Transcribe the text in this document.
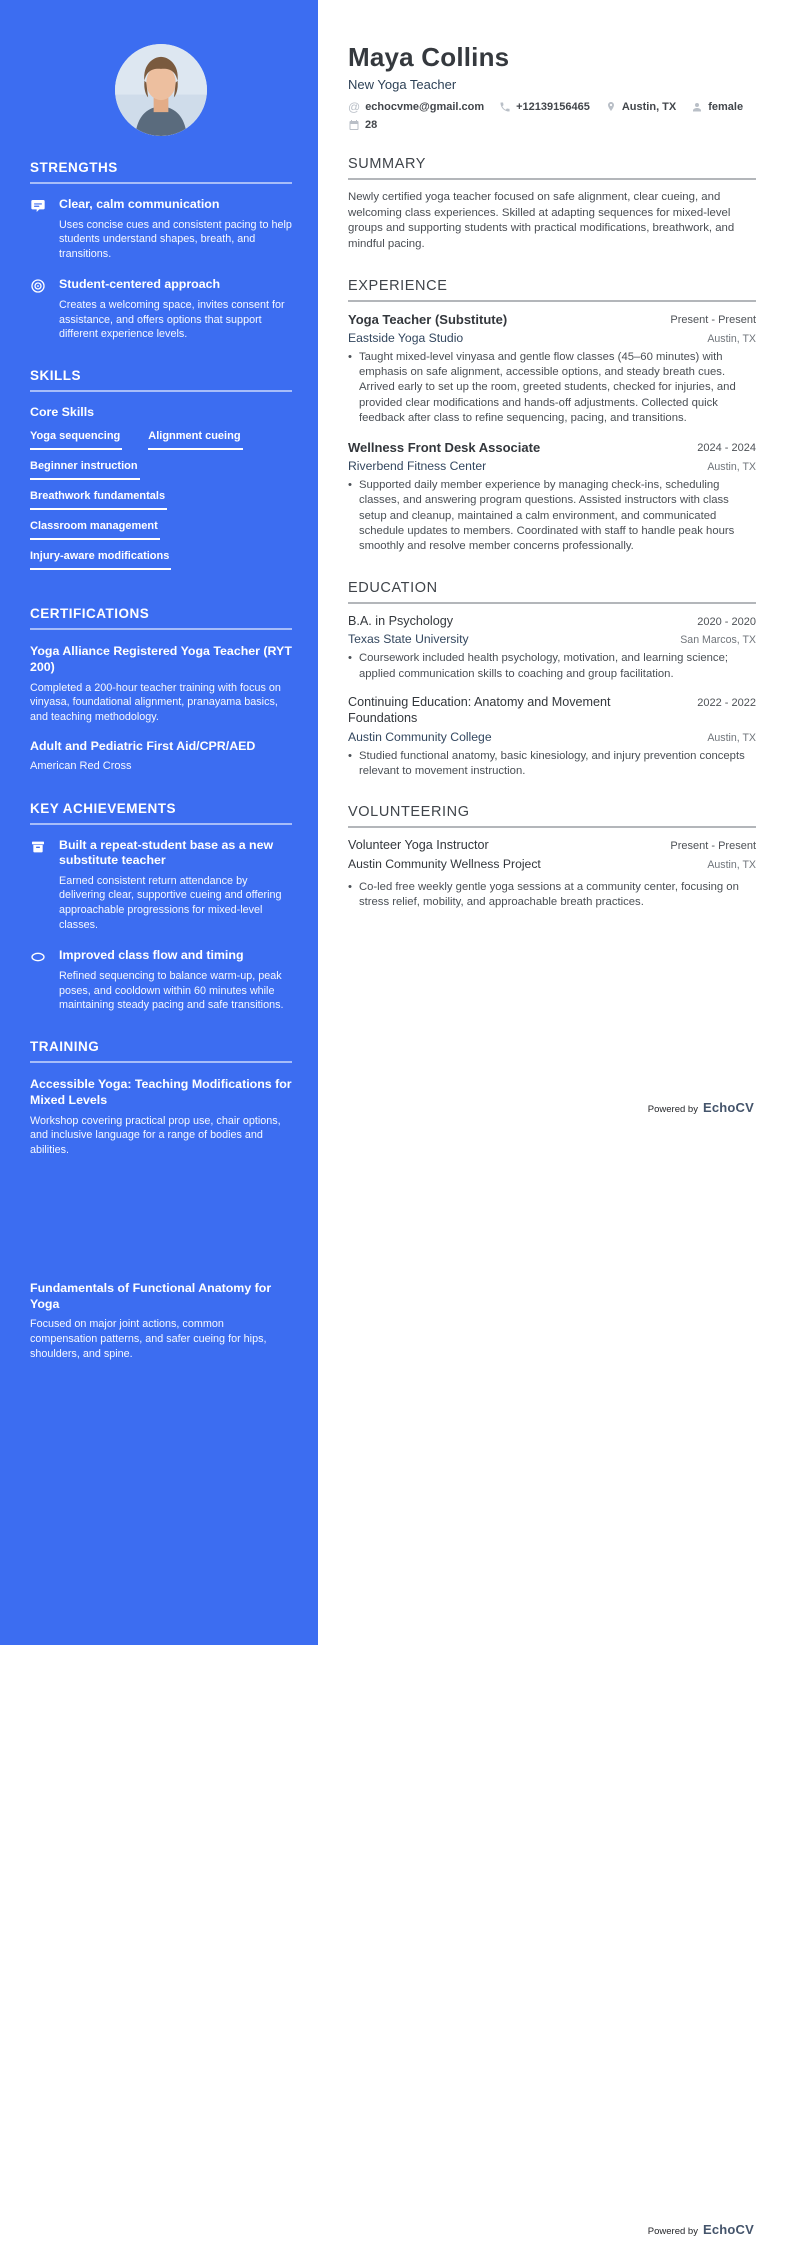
STRENGTHS
Clear, calm communication
Uses concise cues and consistent pacing to help students understand shapes, breath, and transitions.
Student-centered approach
Creates a welcoming space, invites consent for assistance, and offers options that support different experience levels.
SKILLS
Core Skills
Yoga sequencing	Alignment cueing
Beginner instruction
Breathwork fundamentals
Classroom management
Injury-aware modifications
CERTIFICATIONS
Yoga Alliance Registered Yoga Teacher (RYT 200)
Completed a 200-hour teacher training with focus on vinyasa, foundational alignment, pranayama basics, and teaching methodology.
Adult and Pediatric First Aid/CPR/AED
American Red Cross
KEY ACHIEVEMENTS
Built a repeat-student base as a new substitute teacher
Earned consistent return attendance by delivering clear, supportive cueing and offering approachable progressions for mixed-level classes.
Improved class flow and timing
Refined sequencing to balance warm-up, peak poses, and cooldown within 60 minutes while maintaining steady pacing and safe transitions.
TRAINING
Accessible Yoga: Teaching Modifications for Mixed Levels
Workshop covering practical prop use, chair options, and inclusive language for a range of bodies and abilities.
Fundamentals of Functional Anatomy for Yoga
Focused on major joint actions, common compensation patterns, and safer cueing for hips, shoulders, and spine.
Maya Collins
New Yoga Teacher
@ echocvme@gmail.com	+12139156465	Austin, TX	female
28
SUMMARY

Newly certified yoga teacher focused on safe alignment, clear cueing, and welcoming class experiences. Skilled at adapting sequences for mixed-level groups and supporting students with practical modifications, breathwork, and mindful pacing.

EXPERIENCE
Yoga Teacher (Substitute)	Present - Present
Eastside Yoga Studio	Austin, TX
• Taught mixed-level vinyasa and gentle flow classes (45–60 minutes) with emphasis on safe alignment, accessible options, and steady breath cues. Arrived early to set up the room, greeted students, checked for injuries, and provided clear modifications and hands-off adjustments. Collected quick feedback after class to refine sequencing, pacing, and transitions.
Wellness Front Desk Associate	2024 - 2024
Riverbend Fitness Center	Austin, TX
• Supported daily member experience by managing check-ins, scheduling classes, and answering program questions. Assisted instructors with class setup and cleanup, maintained a calm environment, and communicated schedule updates to members. Coordinated with staff to handle peak hours smoothly and resolve member concerns professionally.
EDUCATION
B.A. in Psychology	2020 - 2020
Texas State University	San Marcos, TX
• Coursework included health psychology, motivation, and learning science; applied communication skills to coaching and group facilitation.
Continuing Education: Anatomy and Movement Foundations
2022 - 2022
Austin Community College	Austin, TX
• Studied functional anatomy, basic kinesiology, and injury prevention concepts relevant to movement instruction.
VOLUNTEERING
Volunteer Yoga Instructor	Present - Present
Austin Community Wellness Project	Austin, TX
• Co-led free weekly gentle yoga sessions at a community center, focusing on stress relief, mobility, and approachable breath practices.
Powered by EchoCV
Powered by EchoCV
